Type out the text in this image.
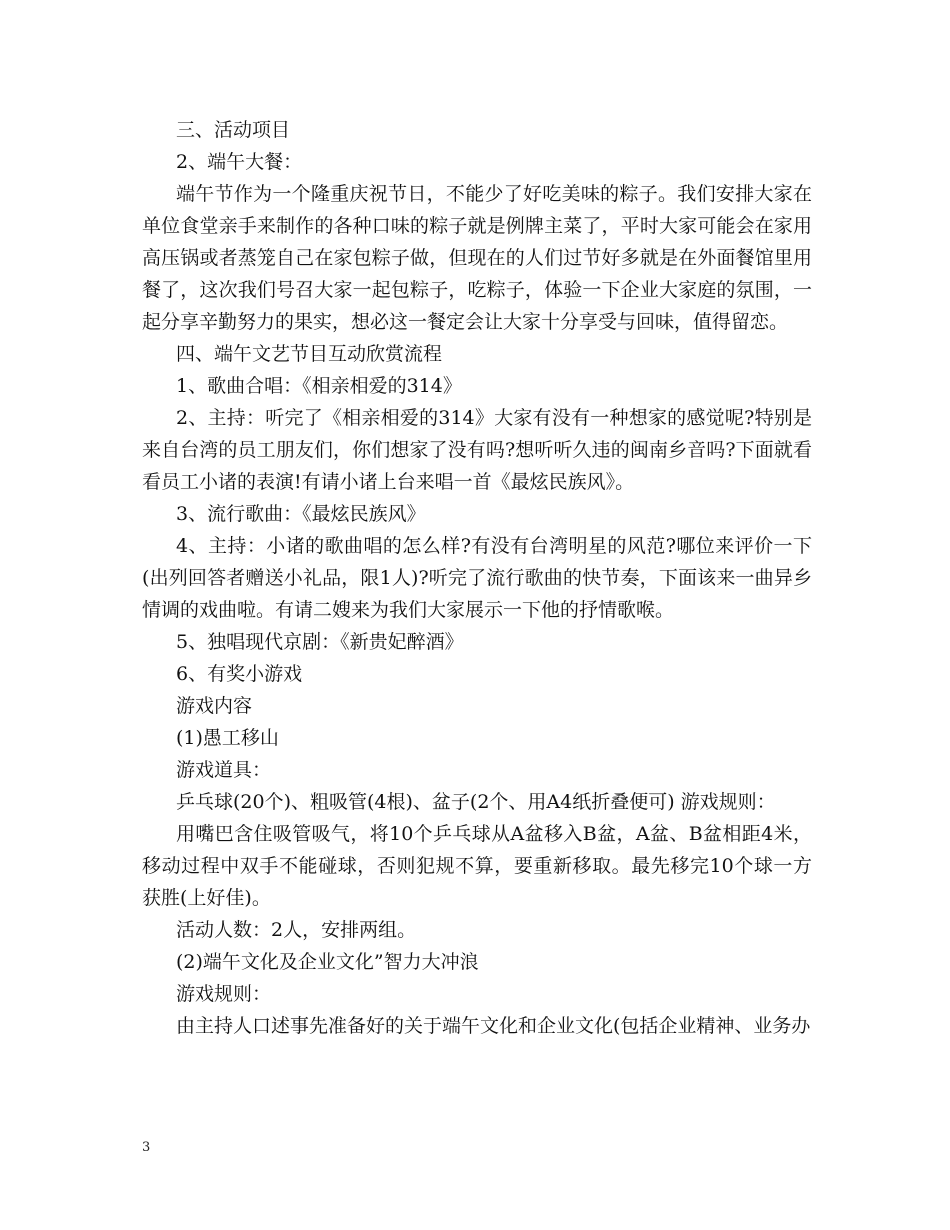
三、活动项目

2、端午大餐：

端午节作为一个隆重庆祝节日，不能少了好吃美味的粽子。我们安排大家在单位食堂亲手来制作的各种口味的粽子就是例牌主菜了，平时大家可能会在家用高压锅或者蒸笼自己在家包粽子做，但现在的人们过节好多就是在外面餐馆里用餐了，这次我们号召大家一起包粽子，吃粽子，体验一下企业大家庭的氛围，一起分享辛勤努力的果实，想必这一餐定会让大家十分享受与回味，值得留恋。

四、端午文艺节目互动欣赏流程

1、歌曲合唱：《相亲相爱的314》

2、主持：听完了《相亲相爱的314》大家有没有一种想家的感觉呢?特别是来自台湾的员工朋友们，你们想家了没有吗?想听听久违的闽南乡音吗?下面就看看员工小诸的表演!有请小诸上台来唱一首《最炫民族风》。

3、流行歌曲：《最炫民族风》

4、主持：小诸的歌曲唱的怎么样?有没有台湾明星的风范?哪位来评价一下(出列回答者赠送小礼品，限1人)?听完了流行歌曲的快节奏，下面该来一曲异乡情调的戏曲啦。有请二嫂来为我们大家展示一下他的抒情歌喉。

5、独唱现代京剧：《新贵妃醉酒》

6、有奖小游戏

游戏内容

(1)愚工移山

游戏道具：

乒乓球(20个)、粗吸管(4根)、盆子(2个、用A4纸折叠便可) 游戏规则：

用嘴巴含住吸管吸气，将10个乒乓球从A盆移入B盆，A盆、B盆相距4米，移动过程中双手不能碰球，否则犯规不算，要重新移取。最先移完10个球一方获胜(上好佳)。

活动人数：2人，安排两组。

(2)端午文化及企业文化”智力大冲浪

游戏规则：

由主持人口述事先准备好的关于端午文化和企业文化(包括企业精神、业务办

3
